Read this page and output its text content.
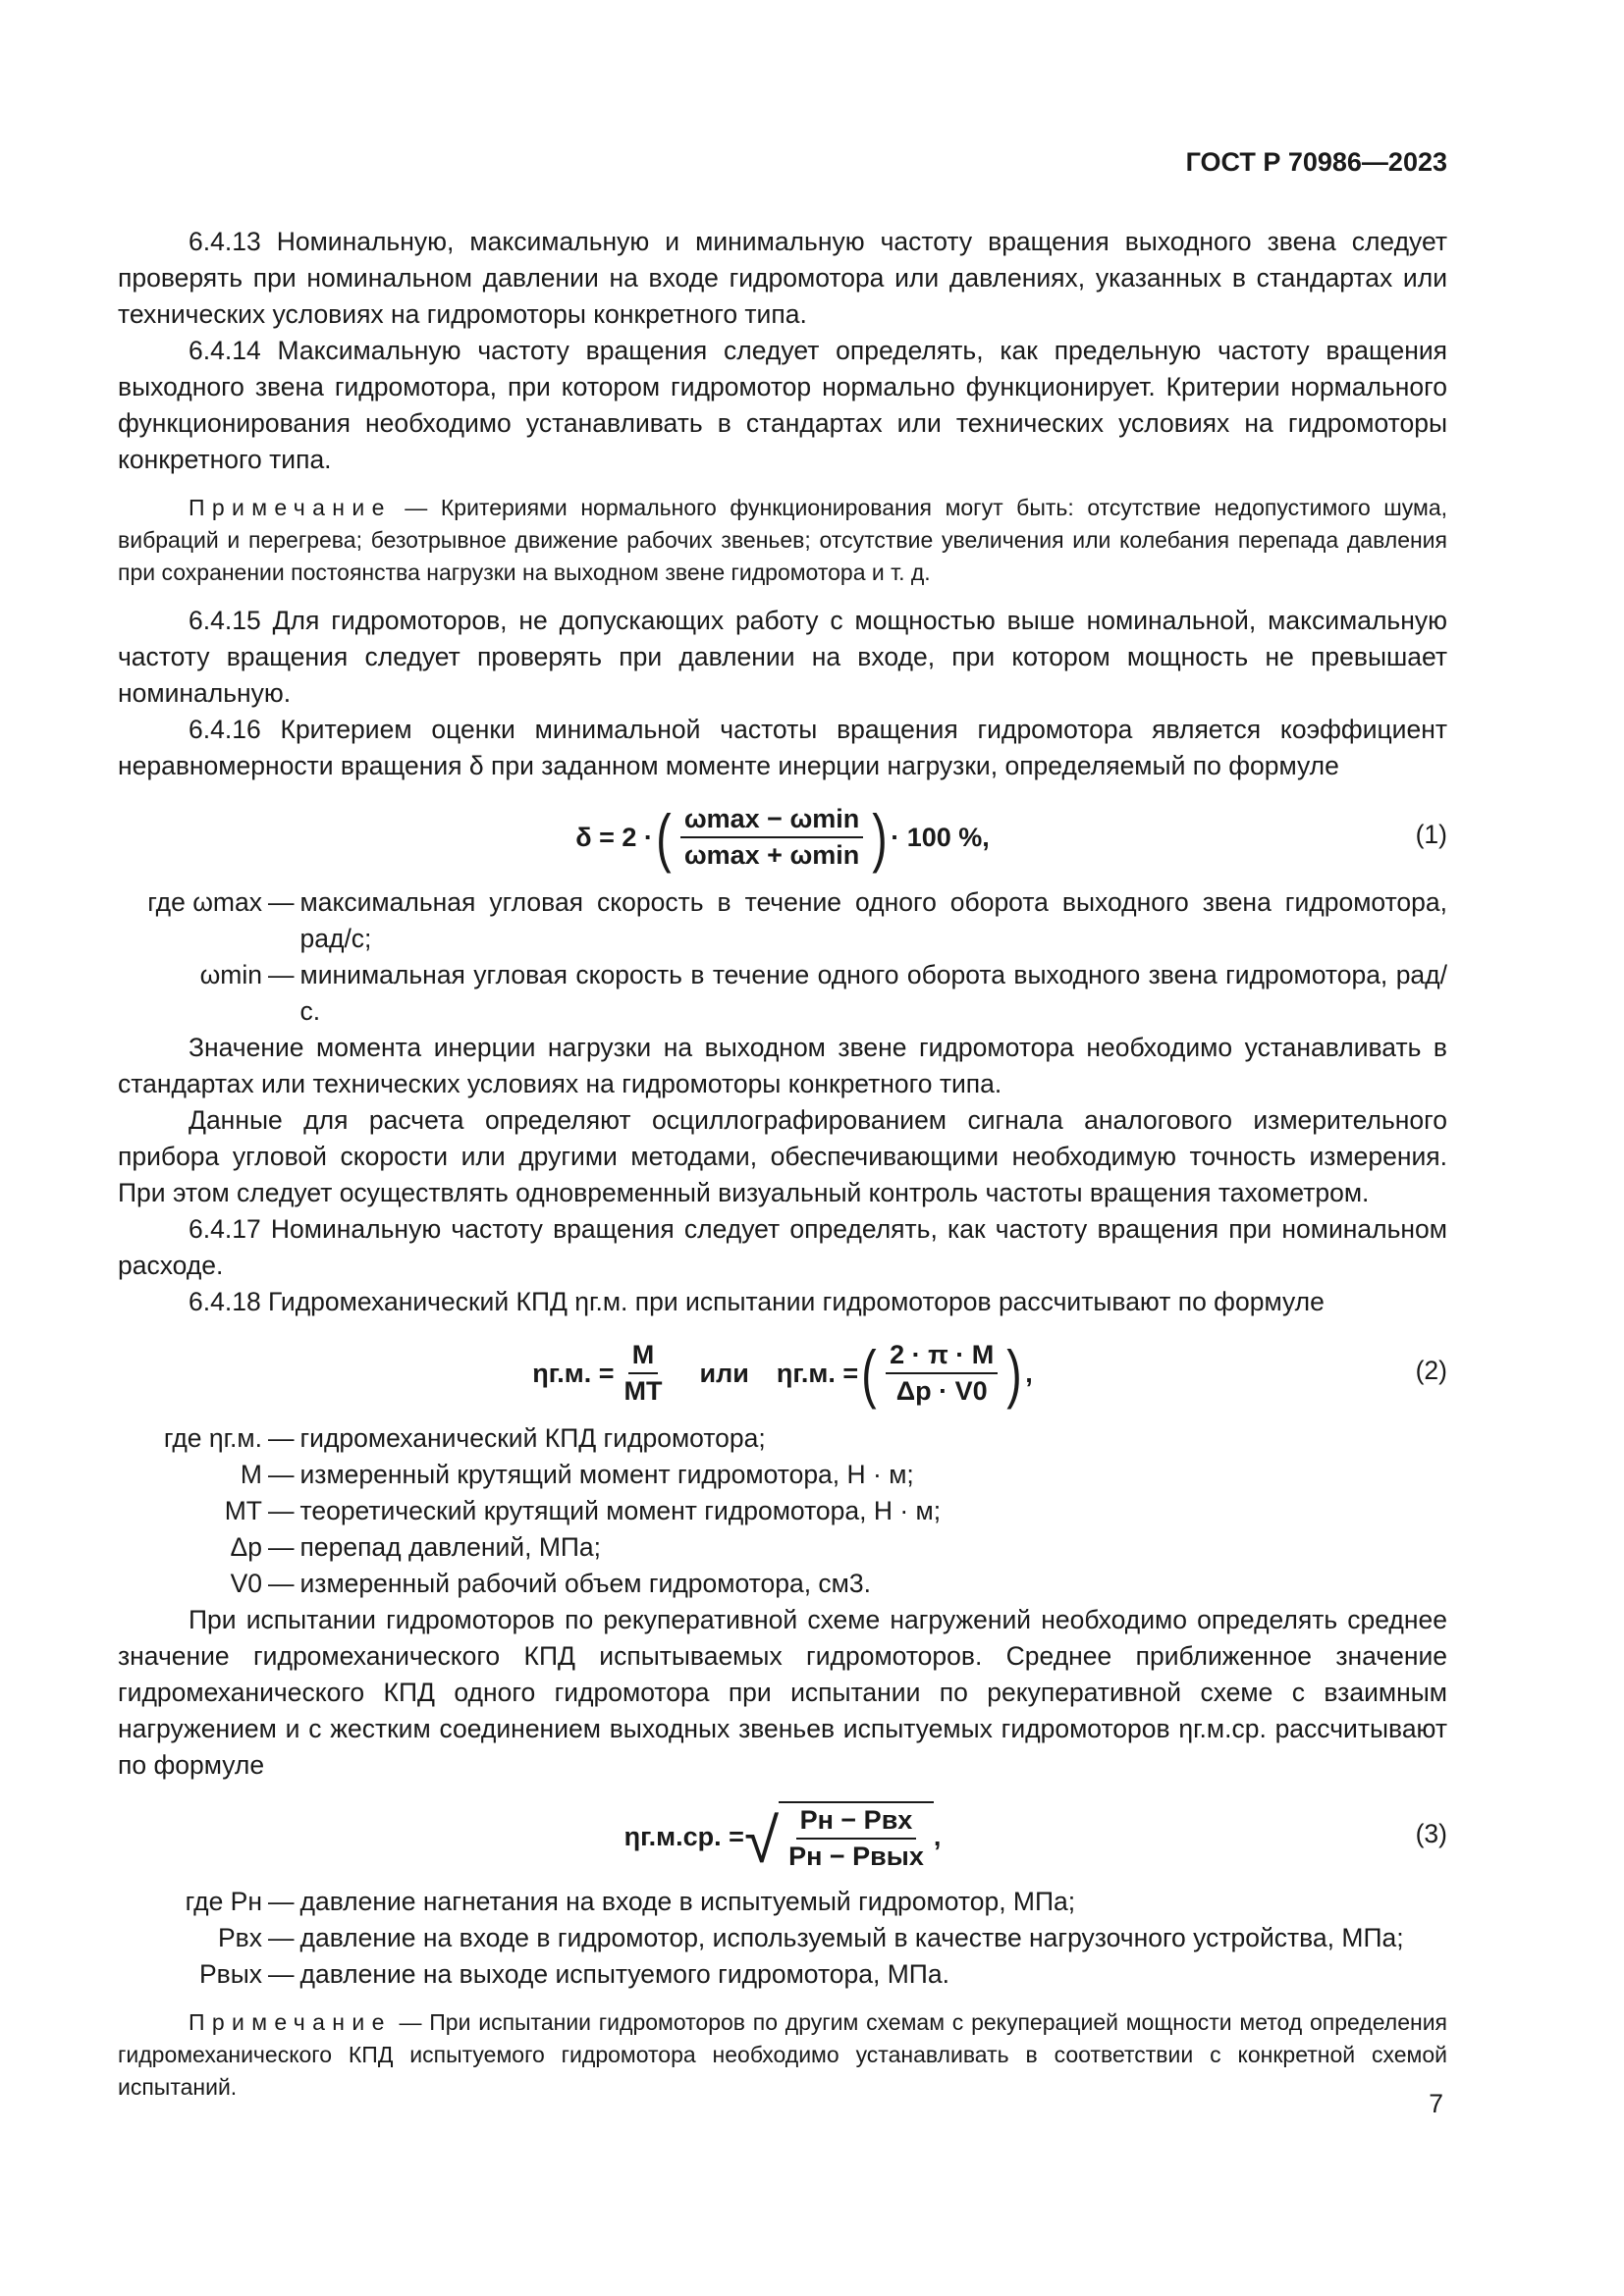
ГОСТ Р 70986—2023

6.4.13 Номинальную, максимальную и минимальную частоту вращения выходного звена следует проверять при номинальном давлении на входе гидромотора или давлениях, указанных в стандартах или технических условиях на гидромоторы конкретного типа.

6.4.14 Максимальную частоту вращения следует определять, как предельную частоту вращения выходного звена гидромотора, при котором гидромотор нормально функционирует. Критерии нормального функционирования необходимо устанавливать в стандартах или технических условиях на гидромоторы конкретного типа.

Примечание — Критериями нормального функционирования могут быть: отсутствие недопустимого шума, вибраций и перегрева; безотрывное движение рабочих звеньев; отсутствие увеличения или колебания перепада давления при сохранении постоянства нагрузки на выходном звене гидромотора и т. д.

6.4.15 Для гидромоторов, не допускающих работу с мощностью выше номинальной, максимальную частоту вращения следует проверять при давлении на входе, при котором мощность не превышает номинальную.

6.4.16 Критерием оценки минимальной частоты вращения гидромотора является коэффициент неравномерности вращения δ при заданном моменте инерции нагрузки, определяемый по формуле

δ = 2 · ( $\frac{\omega\max - \omega\min}{\omega\max + \omega\min}$ ) · 100 %,	(1)
где ωmax — максимальная угловая скорость в течение одного оборота выходного звена гидромотора, рад/с;
ωmin — минимальная угловая скорость в течение одного оборота выходного звена гидромотора, рад/с.

Значение момента инерции нагрузки на выходном звене гидромотора необходимо устанавливать в стандартах или технических условиях на гидромоторы конкретного типа.

Данные для расчета определяют осциллографированием сигнала аналогового измерительного прибора угловой скорости или другими методами, обеспечивающими необходимую точность измерения. При этом следует осуществлять одновременный визуальный контроль частоты вращения тахометром.

6.4.17 Номинальную частоту вращения следует определять, как частоту вращения при номинальном расходе.

6.4.18 Гидромеханический КПД ηг.м. при испытании гидромоторов рассчитывают по формуле

ηг.м. = $\frac{M}{MT}$ или ηг.м. = ( $\frac{2 \cdot \pi \cdot M}{\Delta p \cdot V0}$ ) ,	(2)
где ηг.м. — гидромеханический КПД гидромотора;
M — измеренный крутящий момент гидромотора, Н · м;
MT — теоретический крутящий момент гидромотора, Н · м;
Δp — перепад давлений, МПа;
V0 — измеренный рабочий объем гидромотора, см3.

При испытании гидромоторов по рекуперативной схеме нагружений необходимо определять среднее значение гидромеханического КПД испытываемых гидромоторов. Среднее приближенное значение гидромеханического КПД одного гидромотора при испытании по рекуперативной схеме с взаимным нагружением и с жестким соединением выходных звеньев испытуемых гидромоторов ηг.м.ср. рассчитывают по формуле

ηг.м.ср. = √ $\frac{\text{Pн − Pвх}}{\text{Pн − Pвых}}$ ,	(3)
где Pн — давление нагнетания на входе в испытуемый гидромотор, МПа;
Pвх — давление на входе в гидромотор, используемый в качестве нагрузочного устройства, МПа;
Pвых — давление на выходе испытуемого гидромотора, МПа.
Примечание — При испытании гидромоторов по другим схемам с рекуперацией мощности метод определения гидромеханического КПД испытуемого гидромотора необходимо устанавливать в соответствии с конкретной схемой испытаний.
7
